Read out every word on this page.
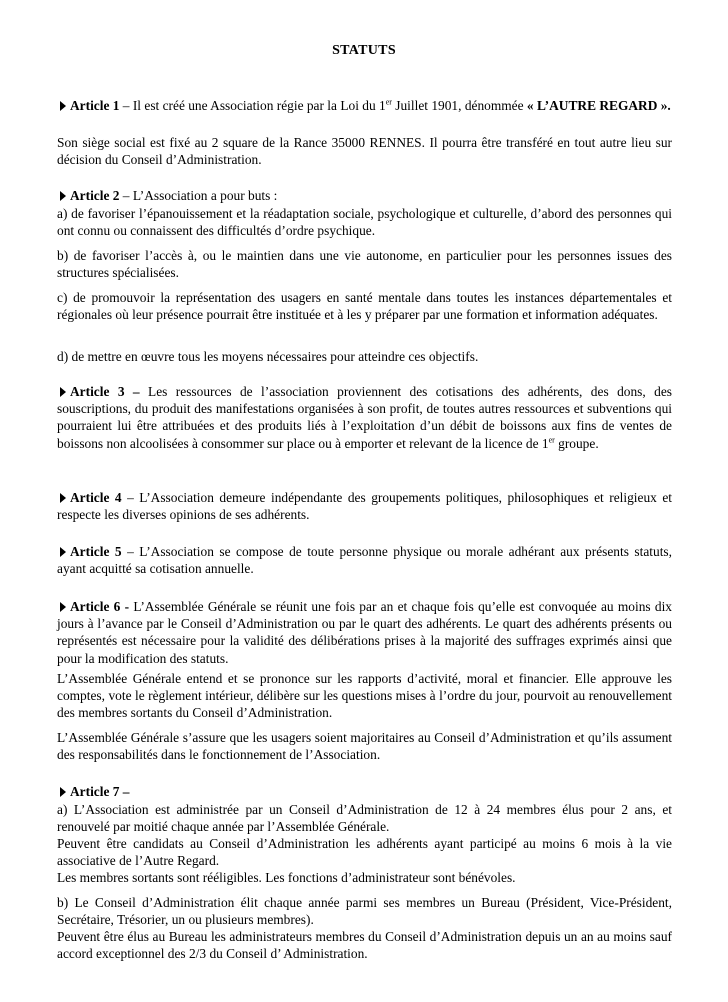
STATUTS
Article 1 – Il est créé une Association régie par la Loi du 1er Juillet 1901, dénommée « L’AUTRE REGARD ».
Son siège social est fixé au 2 square de la Rance 35000 RENNES. Il pourra être transféré en tout autre lieu sur décision du Conseil d’Administration.
Article 2 – L’Association a pour buts :
a) de favoriser l’épanouissement et la réadaptation sociale, psychologique et culturelle, d’abord des personnes qui ont connu ou connaissent des difficultés d’ordre psychique.
b) de favoriser l’accès à, ou le maintien dans une vie autonome, en particulier pour les personnes issues des structures spécialisées.
c) de promouvoir la représentation des usagers en santé mentale dans toutes les instances départementales et régionales où leur présence pourrait être instituée et à les y préparer par une formation et information adéquates.
d) de mettre en œuvre tous les moyens nécessaires pour atteindre ces objectifs.
Article 3 – Les ressources de l’association proviennent des cotisations des adhérents, des dons, des souscriptions, du produit des manifestations organisées à son profit, de toutes autres ressources et subventions qui pourraient lui être attribuées et des produits liés à l’exploitation d’un débit de boissons aux fins de ventes de boissons non alcoolisées à consommer sur place ou à emporter et relevant de la licence de 1er groupe.
Article 4 – L’Association demeure indépendante des groupements politiques, philosophiques et religieux et respecte les diverses opinions de ses adhérents.
Article 5 – L’Association se compose de toute personne physique ou morale adhérant aux présents statuts, ayant acquitté sa cotisation annuelle.
Article 6 - L’Assemblée Générale se réunit une fois par an et chaque fois qu’elle est convoquée au moins dix jours à l’avance par le Conseil d’Administration ou par le quart des adhérents. Le quart des adhérents présents ou représentés est nécessaire pour la validité des délibérations prises à la majorité des suffrages exprimés ainsi que pour la modification des statuts.
L’Assemblée Générale entend et se prononce sur les rapports d’activité, moral et financier. Elle approuve les comptes, vote le règlement intérieur, délibère sur les questions mises à l’ordre du jour, pourvoit au renouvellement des membres sortants du Conseil d’Administration.
L’Assemblée Générale s’assure que les usagers soient majoritaires au Conseil d’Administration et qu’ils assument des responsabilités dans le fonctionnement de l’Association.
Article 7 –
a) L’Association est administrée par un Conseil d’Administration de 12 à 24 membres élus pour 2 ans, et renouvelé par moitié chaque année par l’Assemblée Générale.
Peuvent être candidats au Conseil d’Administration les adhérents ayant participé au moins 6 mois à la vie associative de l’Autre Regard.
Les membres sortants sont rééligibles. Les fonctions d’administrateur sont bénévoles.
b) Le Conseil d’Administration élit chaque année parmi ses membres un Bureau (Président, Vice-Président, Secrétaire, Trésorier, un ou plusieurs membres).
Peuvent être élus au Bureau les administrateurs membres du Conseil d’Administration depuis un an au moins sauf accord exceptionnel des 2/3 du Conseil d’ Administration.
